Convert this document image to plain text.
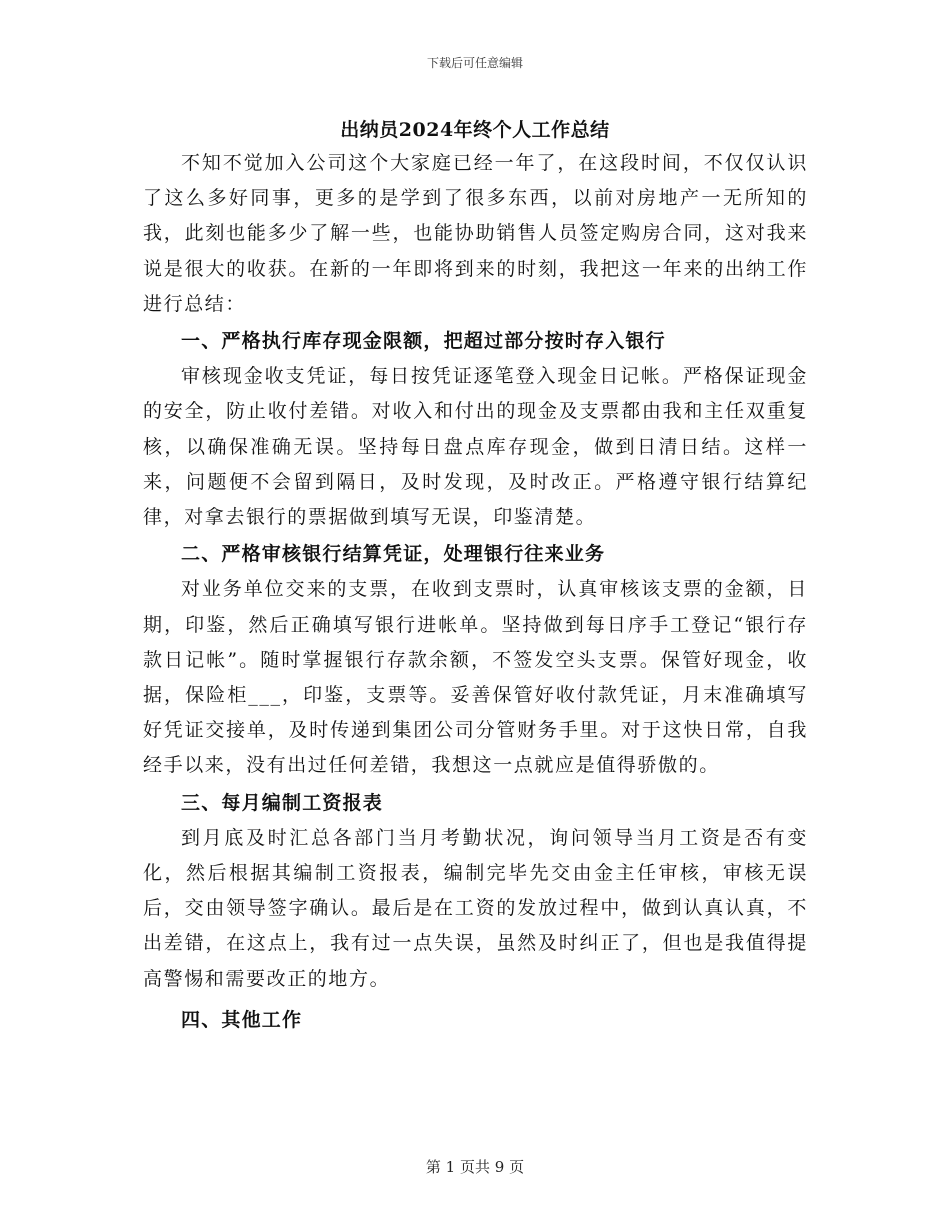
下载后可任意编辑
出纳员2024年终个人工作总结

不知不觉加入公司这个大家庭已经一年了，在这段时间，不仅仅认识了这么多好同事，更多的是学到了很多东西，以前对房地产一无所知的我，此刻也能多少了解一些，也能协助销售人员签定购房合同，这对我来说是很大的收获。在新的一年即将到来的时刻，我把这一年来的出纳工作进行总结：

一、严格执行库存现金限额，把超过部分按时存入银行

审核现金收支凭证，每日按凭证逐笔登入现金日记帐。严格保证现金的安全，防止收付差错。对收入和付出的现金及支票都由我和主任双重复核，以确保准确无误。坚持每日盘点库存现金，做到日清日结。这样一来，问题便不会留到隔日，及时发现，及时改正。严格遵守银行结算纪律，对拿去银行的票据做到填写无误，印鉴清楚。

二、严格审核银行结算凭证，处理银行往来业务

对业务单位交来的支票，在收到支票时，认真审核该支票的金额，日期，印鉴，然后正确填写银行进帐单。坚持做到每日序手工登记“银行存款日记帐”。随时掌握银行存款余额，不签发空头支票。保管好现金，收据，保险柜___，印鉴，支票等。妥善保管好收付款凭证，月末准确填写好凭证交接单，及时传递到集团公司分管财务手里。对于这快日常，自我经手以来，没有出过任何差错，我想这一点就应是值得骄傲的。

三、每月编制工资报表

到月底及时汇总各部门当月考勤状况，询问领导当月工资是否有变化，然后根据其编制工资报表，编制完毕先交由金主任审核，审核无误后，交由领导签字确认。最后是在工资的发放过程中，做到认真认真，不出差错，在这点上，我有过一点失误，虽然及时纠正了，但也是我值得提高警惕和需要改正的地方。

四、其他工作

第 1 页共 9 页
